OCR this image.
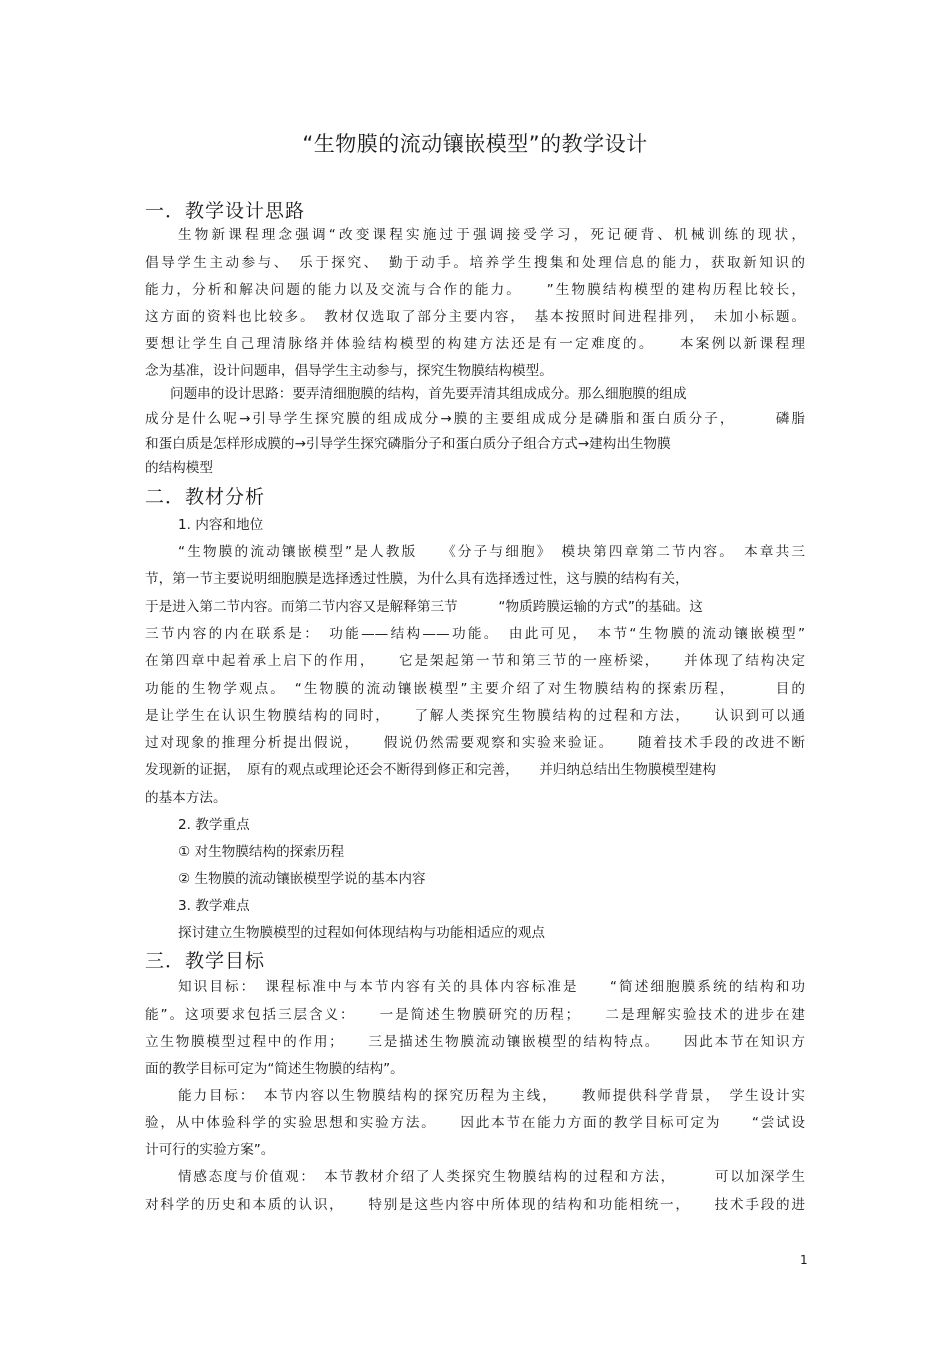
“生物膜的流动镶嵌模型”的教学设计
一．教学设计思路
生物新课程理念强调“改变课程实施过于强调接受学习，死记硬背、机械训练的现状，
倡导学生主动参与、　乐于探究、　勤于动手。培养学生搜集和处理信息的能力，获取新知识的
能力，分析和解决问题的能力以及交流与合作的能力。　　”生物膜结构模型的建构历程比较长，
这方面的资料也比较多。　教材仅选取了部分主要内容，　基本按照时间进程排列，　未加小标题。
要想让学生自己理清脉络并体验结构模型的构建方法还是有一定难度的。　　本案例以新课程理
念为基准，设计问题串，倡导学生主动参与，探究生物膜结构模型。
问题串的设计思路：要弄清细胞膜的结构，首先要弄清其组成成分。那么细胞膜的组成
成分是什么呢→引导学生探究膜的组成成分→膜的主要组成成分是磷脂和蛋白质分子，　　　磷脂
和蛋白质是怎样形成膜的→引导学生探究磷脂分子和蛋白质分子组合方式→建构出生物膜
的结构模型
二．教材分析
1. 内容和地位
“生物膜的流动镶嵌模型”是人教版　　《分子与细胞》　模块第四章第二节内容。　本章共三
节，第一节主要说明细胞膜是选择透过性膜，为什么具有选择透过性，这与膜的结构有关，
于是进入第二节内容。而第二节内容又是解释第三节　　　“物质跨膜运输的方式”的基础。这
三节内容的内在联系是：　功能——结构——功能。　由此可见，　本节“生物膜的流动镶嵌模型”
在第四章中起着承上启下的作用，　　它是架起第一节和第三节的一座桥梁，　　并体现了结构决定
功能的生物学观点。　“生物膜的流动镶嵌模型”主要介绍了对生物膜结构的探索历程，　　　目的
是让学生在认识生物膜结构的同时，　　了解人类探究生物膜结构的过程和方法，　　认识到可以通
过对现象的推理分析提出假说，　　假说仍然需要观察和实验来验证。　　随着技术手段的改进不断
发现新的证据，　原有的观点或理论还会不断得到修正和完善，　　并归纳总结出生物膜模型建构
的基本方法。
2. 教学重点
① 对生物膜结构的探索历程
② 生物膜的流动镶嵌模型学说的基本内容
3. 教学难点
探讨建立生物膜模型的过程如何体现结构与功能相适应的观点
三．教学目标
知识目标：　课程标准中与本节内容有关的具体内容标准是　　“简述细胞膜系统的结构和功
能”。这项要求包括三层含义：　　一是简述生物膜研究的历程；　　二是理解实验技术的进步在建
立生物膜模型过程中的作用；　　三是描述生物膜流动镶嵌模型的结构特点。　　因此本节在知识方
面的教学目标可定为“简述生物膜的结构”。
能力目标：　本节内容以生物膜结构的探究历程为主线，　　教师提供科学背景，　学生设计实
验，从中体验科学的实验思想和实验方法。　　因此本节在能力方面的教学目标可定为　　“尝试设
计可行的实验方案”。
情感态度与价值观：　本节教材介绍了人类探究生物膜结构的过程和方法，　　　可以加深学生
对科学的历史和本质的认识，　　特别是这些内容中所体现的结构和功能相统一，　　技术手段的进
1
